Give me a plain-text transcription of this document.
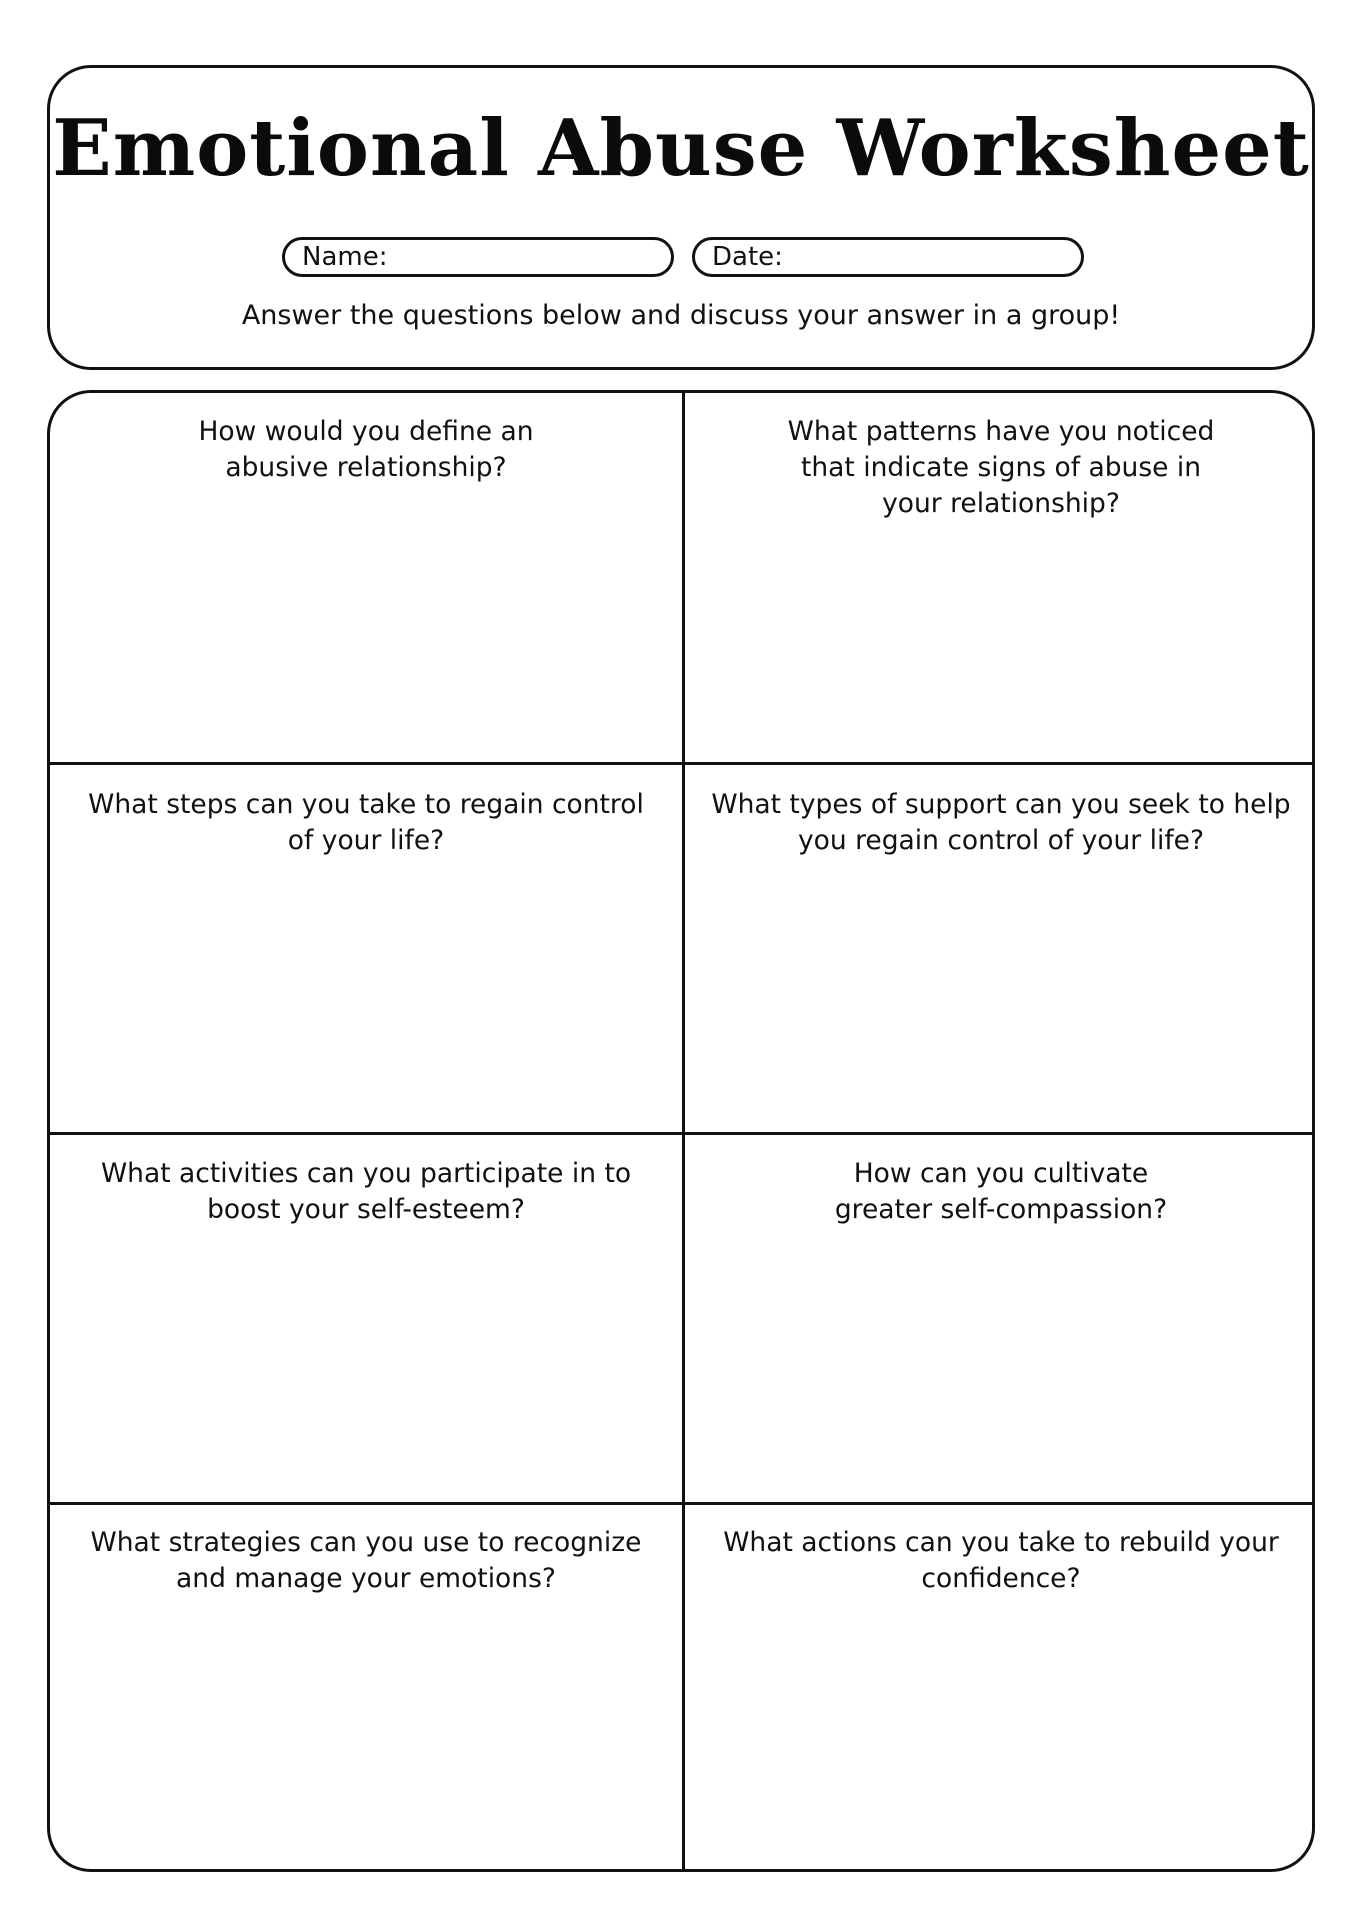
Emotional Abuse Worksheet
Name:	Date:
Answer the questions below and discuss your answer in a group!
How would you define an abusive relationship?
What patterns have you noticed that indicate signs of abuse in your relationship?
What steps can you take to regain control of your life?
What types of support can you seek to help you regain control of your life?
What activities can you participate in to boost your self-esteem?
How can you cultivate greater self-compassion?
What strategies can you use to recognize and manage your emotions?
What actions can you take to rebuild your confidence?
